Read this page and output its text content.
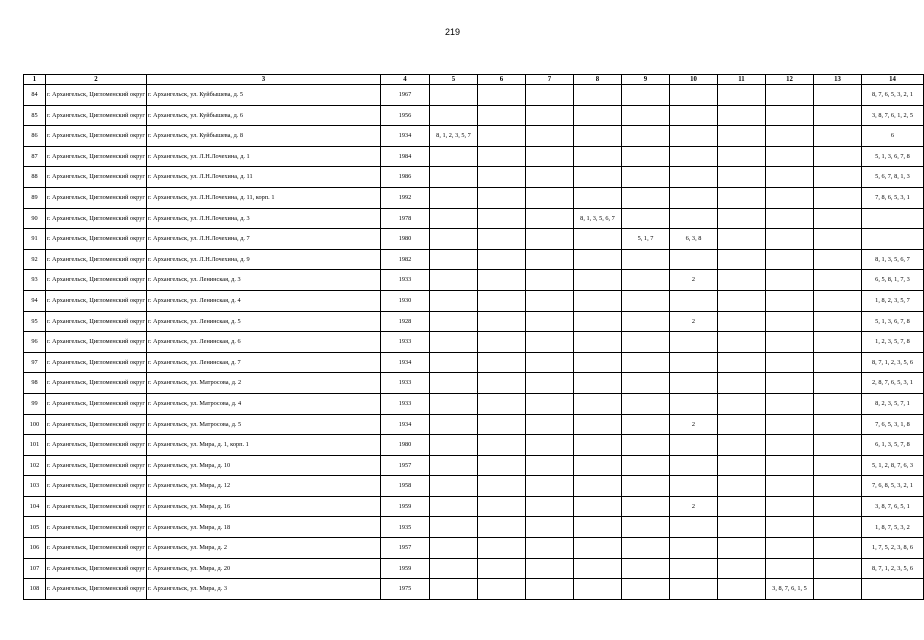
219
1	2	3	4	5	6	7	8	9	10	11	12	13	14
84	г. Архангельск, Цигломенский округ	г. Архангельск, ул. Куйбышева, д. 5	1967										8, 7, 6, 5, 3, 2, 1
85	г. Архангельск, Цигломенский округ	г. Архангельск, ул. Куйбышева, д. 6	1956										3, 8, 7, 6, 1, 2, 5
86	г. Архангельск, Цигломенский округ	г. Архангельск, ул. Куйбышева, д. 8	1934	8, 1, 2, 3, 5, 7									6
87	г. Архангельск, Цигломенский округ	г. Архангельск, ул. Л.Н.Лочехина, д. 1	1984										5, 1, 3, 6, 7, 8
88	г. Архангельск, Цигломенский округ	г. Архангельск, ул. Л.Н.Лочехина, д. 11	1986										5, 6, 7, 8, 1, 3
89	г. Архангельск, Цигломенский округ	г. Архангельск, ул. Л.Н.Лочехина, д. 11, корп. 1	1992										7, 8, 6, 5, 3, 1
90	г. Архангельск, Цигломенский округ	г. Архангельск, ул. Л.Н.Лочехина, д. 3	1978				8, 1, 3, 5, 6, 7						
91	г. Архангельск, Цигломенский округ	г. Архангельск, ул. Л.Н.Лочехина, д. 7	1980					5, 1, 7	6, 3, 8				
92	г. Архангельск, Цигломенский округ	г. Архангельск, ул. Л.Н.Лочехина, д. 9	1982										8, 1, 3, 5, 6, 7
93	г. Архангельск, Цигломенский округ	г. Архангельск, ул. Ленинская, д. 3	1933						2				6, 5, 8, 1, 7, 3
94	г. Архангельск, Цигломенский округ	г. Архангельск, ул. Ленинская, д. 4	1930										1, 8, 2, 3, 5, 7
95	г. Архангельск, Цигломенский округ	г. Архангельск, ул. Ленинская, д. 5	1928						2				5, 1, 3, 6, 7, 8
96	г. Архангельск, Цигломенский округ	г. Архангельск, ул. Ленинская, д. 6	1933										1, 2, 3, 5, 7, 8
97	г. Архангельск, Цигломенский округ	г. Архангельск, ул. Ленинская, д. 7	1934										8, 7, 1, 2, 3, 5, 6
98	г. Архангельск, Цигломенский округ	г. Архангельск, ул. Матросова, д. 2	1933										2, 8, 7, 6, 5, 3, 1
99	г. Архангельск, Цигломенский округ	г. Архангельск, ул. Матросова, д. 4	1933										8, 2, 3, 5, 7, 1
100	г. Архангельск, Цигломенский округ	г. Архангельск, ул. Матросова, д. 5	1934						2				7, 6, 5, 3, 1, 8
101	г. Архангельск, Цигломенский округ	г. Архангельск, ул. Мира, д. 1, корп. 1	1980										6, 1, 3, 5, 7, 8
102	г. Архангельск, Цигломенский округ	г. Архангельск, ул. Мира, д. 10	1957										5, 1, 2, 8, 7, 6, 3
103	г. Архангельск, Цигломенский округ	г. Архангельск, ул. Мира, д. 12	1958										7, 6, 8, 5, 3, 2, 1
104	г. Архангельск, Цигломенский округ	г. Архангельск, ул. Мира, д. 16	1959						2				3, 8, 7, 6, 5, 1
105	г. Архангельск, Цигломенский округ	г. Архангельск, ул. Мира, д. 18	1935										1, 8, 7, 5, 3, 2
106	г. Архангельск, Цигломенский округ	г. Архангельск, ул. Мира, д. 2	1957										1, 7, 5, 2, 3, 8, 6
107	г. Архангельск, Цигломенский округ	г. Архангельск, ул. Мира, д. 20	1959										8, 7, 1, 2, 3, 5, 6
108	г. Архангельск, Цигломенский округ	г. Архангельск, ул. Мира, д. 3	1975								3, 8, 7, 6, 1, 5		
